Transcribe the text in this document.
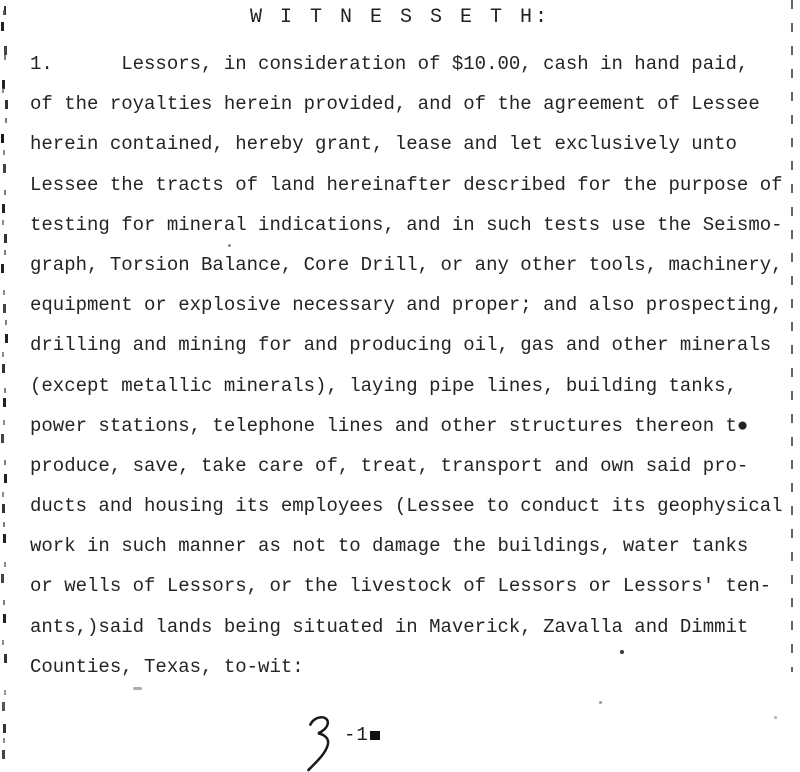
W I T N E S S E T H:
1.      Lessors, in consideration of $10.00, cash in hand paid,
of the royalties herein provided, and of the agreement of Lessee
herein contained, hereby grant, lease and let exclusively unto
Lessee the tracts of land hereinafter described for the purpose of
testing for mineral indications, and in such tests use the Seismo-
graph, Torsion Balance, Core Drill, or any other tools, machinery,
equipment or explosive necessary and proper; and also prospecting,
drilling and mining for and producing oil, gas and other minerals
(except metallic minerals), laying pipe lines, building tanks,
power stations, telephone lines and other structures thereon t●
produce, save, take care of, treat, transport and own said pro-
ducts and housing its employees (Lessee to conduct its geophysical
work in such manner as not to damage the buildings, water tanks
or wells of Lessors, or the livestock of Lessors or Lessors' ten-
ants,)said lands being situated in Maverick, Zavalla and Dimmit
Counties, Texas, to-wit:
-1
